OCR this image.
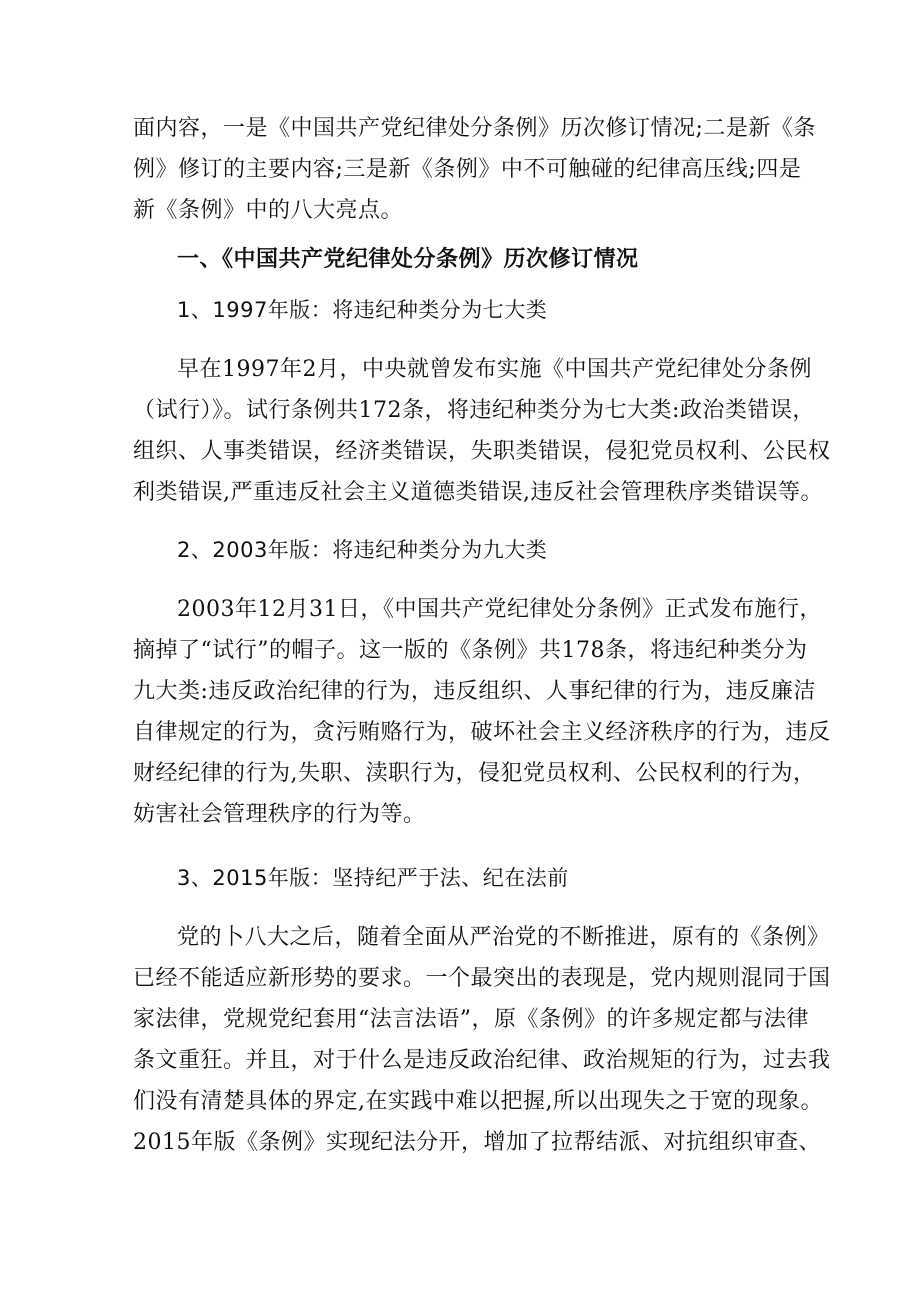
面内容，一是《中国共产党纪律处分条例》历次修订情况;二是新《条
例》修订的主要内容;三是新《条例》中不可触碰的纪律高压线;四是
新《条例》中的八大亮点。
一、《中国共产党纪律处分条例》历次修订情况
1、1997年版：将违纪种类分为七大类
早在1997年2月，中央就曾发布实施《中国共产党纪律处分条例
（试行）》。试行条例共172条，将违纪种类分为七大类:政治类错误，
组织、人事类错误，经济类错误，失职类错误，侵犯党员权利、公民权
利类错误,严重违反社会主义道德类错误,违反社会管理秩序类错误等。
2、2003年版：将违纪种类分为九大类
2003年12月31日，《中国共产党纪律处分条例》正式发布施行，
摘掉了“试行”的帽子。这一版的《条例》共178条，将违纪种类分为
九大类:违反政治纪律的行为，违反组织、人事纪律的行为，违反廉洁
自律规定的行为，贪污贿赂行为，破坏社会主义经济秩序的行为，违反
财经纪律的行为,失职、渎职行为，侵犯党员权利、公民权利的行为，
妨害社会管理秩序的行为等。
3、2015年版：坚持纪严于法、纪在法前
党的卜八大之后，随着全面从严治党的不断推进，原有的《条例》
已经不能适应新形势的要求。一个最突出的表现是，党内规则混同于国
家法律，党规党纪套用“法言法语”，原《条例》的许多规定都与法律
条文重狂。并且，对于什么是违反政治纪律、政治规矩的行为，过去我
们没有清楚具体的界定,在实践中难以把握,所以出现失之于宽的现象。
2015年版《条例》实现纪法分开，增加了拉帮结派、对抗组织审查、
